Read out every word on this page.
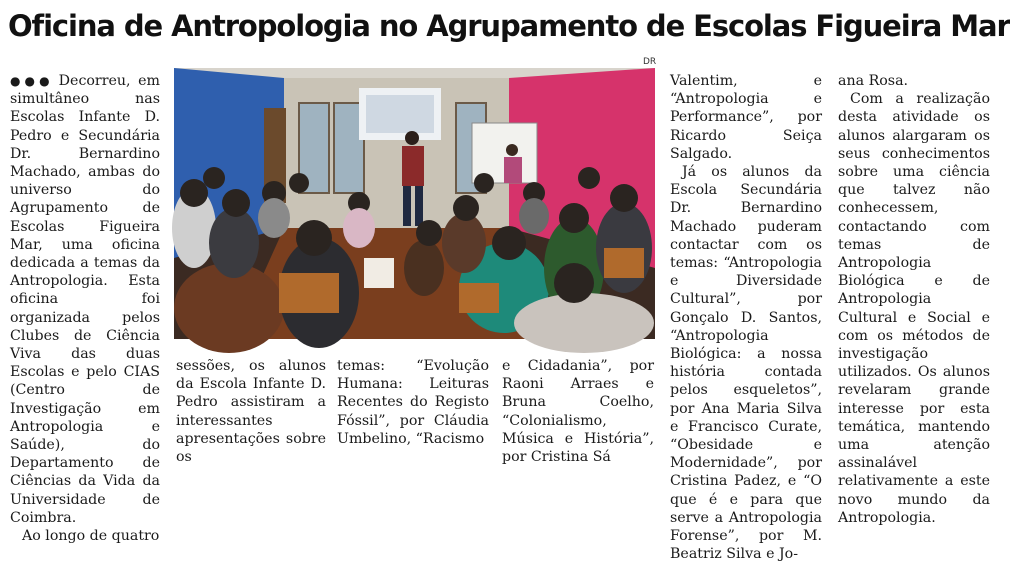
Oficina de Antropologia no Agrupamento de Escolas Figueira Mar
DR

●●● Decorreu, em simultâneo nas Escolas Infante D. Pedro e Secundária Dr. Bernardino Machado, ambas do universo do Agrupamento de Escolas Figueira Mar, uma oficina dedicada a temas da Antropologia. Esta oficina foi organizada pelos Clubes de Ciência Viva das duas Escolas e pelo CIAS (Centro de Investigação em Antropologia e Saúde), do Departamento de Ciências da Vida da Universidade de Coimbra.

Ao longo de quatro

sessões, os alunos da Escola Infante D. Pedro assistiram a interessantes apresentações sobre os

temas: “Evolução Humana: Leituras Recentes do Registo Fóssil”, por Cláudia Umbelino, “Racismo

e Cidadania”, por Raoni Arraes e Bruna Coelho, “Colonialismo, Música e História”, por Cristina Sá

Valentim, e “Antropologia e Performance”, por Ricardo Seiça Salgado.

Já os alunos da Escola Secundária Dr. Bernardino Machado puderam contactar com os temas: “Antropologia e Diversidade Cultural”, por Gonçalo D. Santos, “Antropologia Biológica: a nossa história contada pelos esqueletos”, por Ana Maria Silva e Francisco Curate, “Obesidade e Modernidade”, por Cristina Padez, e “O que é e para que serve a Antropologia Forense”, por M. Beatriz Silva e Jo-

ana Rosa.

Com a realização desta atividade os alunos alargaram os seus conhecimentos sobre uma ciência que talvez não conhecessem, contactando com temas de Antropologia Biológica e de Antropologia Cultural e Social e com os métodos de investigação utilizados. Os alunos revelaram grande interesse por esta temática, mantendo uma atenção assinalável relativamente a este novo mundo da Antropologia.
